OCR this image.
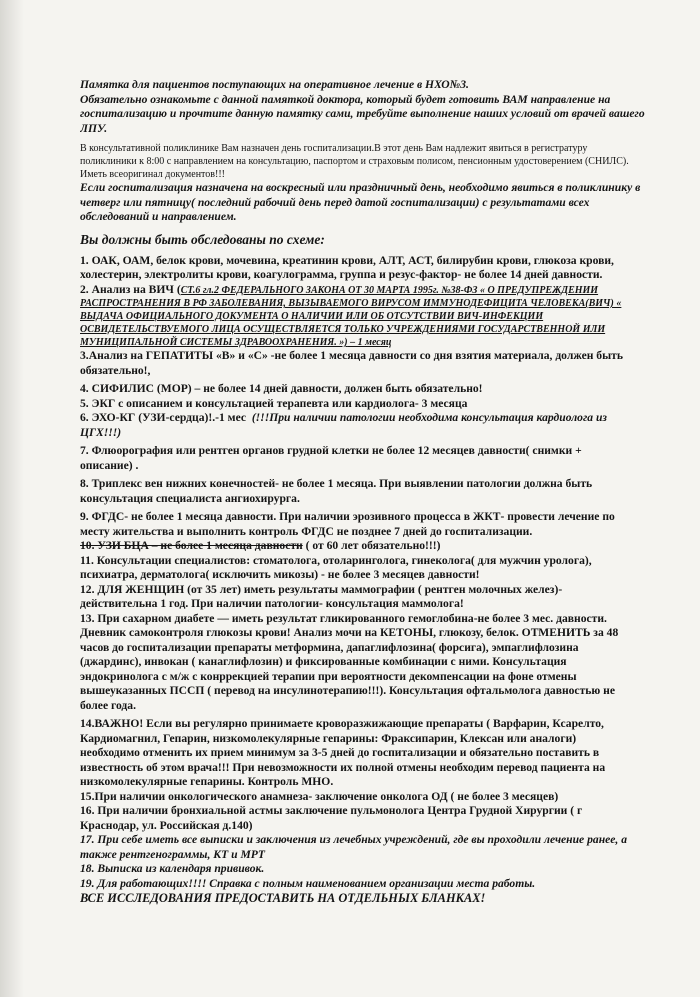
Памятка для пациентов поступающих на оперативное лечение в НХО№3.

Обязательно ознакомьте с данной памяткой доктора, который будет готовить ВАМ направление на

госпитализацию и прочтите данную памятку сами, требуйте выполнение наших условий от врачей вашего

ЛПУ.

В консультативной поликлинике Вам назначен день госпитализации.В этот день Вам надлежит явиться в регистратуру

поликлиники к 8:00 с направлением на консультацию, паспортом и страховым полисом, пенсионным удостоверением (СНИЛС).

Иметь всеоригинал документов!!!

Если госпитализация назначена на воскресный или праздничный день, необходимо явиться в поликлинику в

четверг или пятницу( последний рабочий день перед датой госпитализации) с результатами всех

обследований и направлением.

Вы должны быть обследованы по схеме:

1. ОАК, ОАМ, белок крови, мочевина, креатинин крови, АЛТ, АСТ, билирубин крови, глюкоза крови,

холестерин, электролиты крови, коагулограмма, группа и резус-фактор- не более 14 дней давности.

2. Анализ на ВИЧ (СТ.6 гл.2 ФЕДЕРАЛЬНОГО ЗАКОНА ОТ 30 МАРТА 1995г. №38-ФЗ « О ПРЕДУПРЕЖДЕНИИ

РАСПРОСТРАНЕНИЯ В РФ ЗАБОЛЕВАНИЯ, ВЫЗЫВАЕМОГО ВИРУСОМ ИММУНОДЕФИЦИТА ЧЕЛОВЕКА(ВИЧ) «

ВЫДАЧА ОФИЦИАЛЬНОГО ДОКУМЕНТА О НАЛИЧИИ ИЛИ ОБ ОТСУТСТВИИ ВИЧ-ИНФЕКЦИИ

ОСВИДЕТЕЛЬСТВУЕМОГО ЛИЦА ОСУЩЕСТВЛЯЕТСЯ ТОЛЬКО УЧРЕЖДЕНИЯМИ ГОСУДАРСТВЕННОЙ ИЛИ

МУНИЦИПАЛЬНОЙ СИСТЕМЫ ЗДРАВООХРАНЕНИЯ. ») – 1 месяц

3.Анализ на ГЕПАТИТЫ «В» и «С» -не более 1 месяца давности со дня взятия материала, должен быть

обязательно!,

4. СИФИЛИС (МОР) – не более 14 дней давности, должен быть обязательно!

5. ЭКГ с описанием и консультацией терапевта или кардиолога- 3 месяца

6. ЭХО-КГ (УЗИ-сердца)!.-1 мес (!!!При наличии патологии необходима консультация кардиолога из

ЦГХ!!!)

7. Флюорография или рентген органов грудной клетки не более 12 месяцев давности( снимки +

описание) .

8. Триплекс вен нижних конечностей- не более 1 месяца. При выявлении патологии должна быть

консультация специалиста ангиохирурга.

9. ФГДС- не более 1 месяца давности. При наличии эрозивного процесса в ЖКТ- провести лечение по

месту жительства и выполнить контроль ФГДС не позднее 7 дней до госпитализации.

10. УЗИ БЦА – не более 1 месяца давности ( от 60 лет обязательно!!!)

11. Консультации специалистов: стоматолога, отоларинголога, гинеколога( для мужчин уролога),

психиатра, дерматолога( исключить микозы) - не более 3 месяцев давности!

12. ДЛЯ ЖЕНЩИН (от 35 лет) иметь результаты маммографии ( рентген молочных желез)-

действительна 1 год. При наличии патологии- консультация маммолога!

13. При сахарном диабете — иметь результат гликированного гемоглобина-не более 3 мес. давности.

Дневник самоконтроля глюкозы крови! Анализ мочи на КЕТОНЫ, глюкозу, белок. ОТМЕНИТЬ за 48

часов до госпитализации препараты метформина, дапаглифлозина( форсига), эмпаглифлозина

(джардинс), инвокан ( канаглифлозин) и фиксированные комбинации с ними. Консультация

эндокринолога с м/ж с конррекцией терапии при вероятности декомпенсации на фоне отмены

вышеуказанных ПССП ( перевод на инсулинотерапию!!!). Консультация офтальмолога давностью не

более года.

14.ВАЖНО! Если вы регулярно принимаете кроворазжижающие препараты ( Варфарин, Ксарелто,

Кардиомагнил, Гепарин, низкомолекулярные гепарины: Фраксипарин, Клексан или аналоги)

необходимо отменить их прием минимум за 3-5 дней до госпитализации и обязательно поставить в

известность об этом врача!!! При невозможности их полной отмены необходим перевод пациента на

низкомолекулярные гепарины. Контроль МНО.

15.При наличии онкологического анамнеза- заключение онколога ОД ( не более 3 месяцев)

16. При наличии бронхиальной астмы заключение пульмонолога Центра Грудной Хирургии ( г

Краснодар, ул. Российская д.140)

17. При себе иметь все выписки и заключения из лечебных учреждений, где вы проходили лечение ранее, а

также рентгенограммы, КТ и МРТ

18. Выписка из календаря прививок.

19. Для работающих!!!! Справка с полным наименованием организации места работы.

ВСЕ ИССЛЕДОВАНИЯ ПРЕДОСТАВИТЬ НА ОТДЕЛЬНЫХ БЛАНКАХ!
